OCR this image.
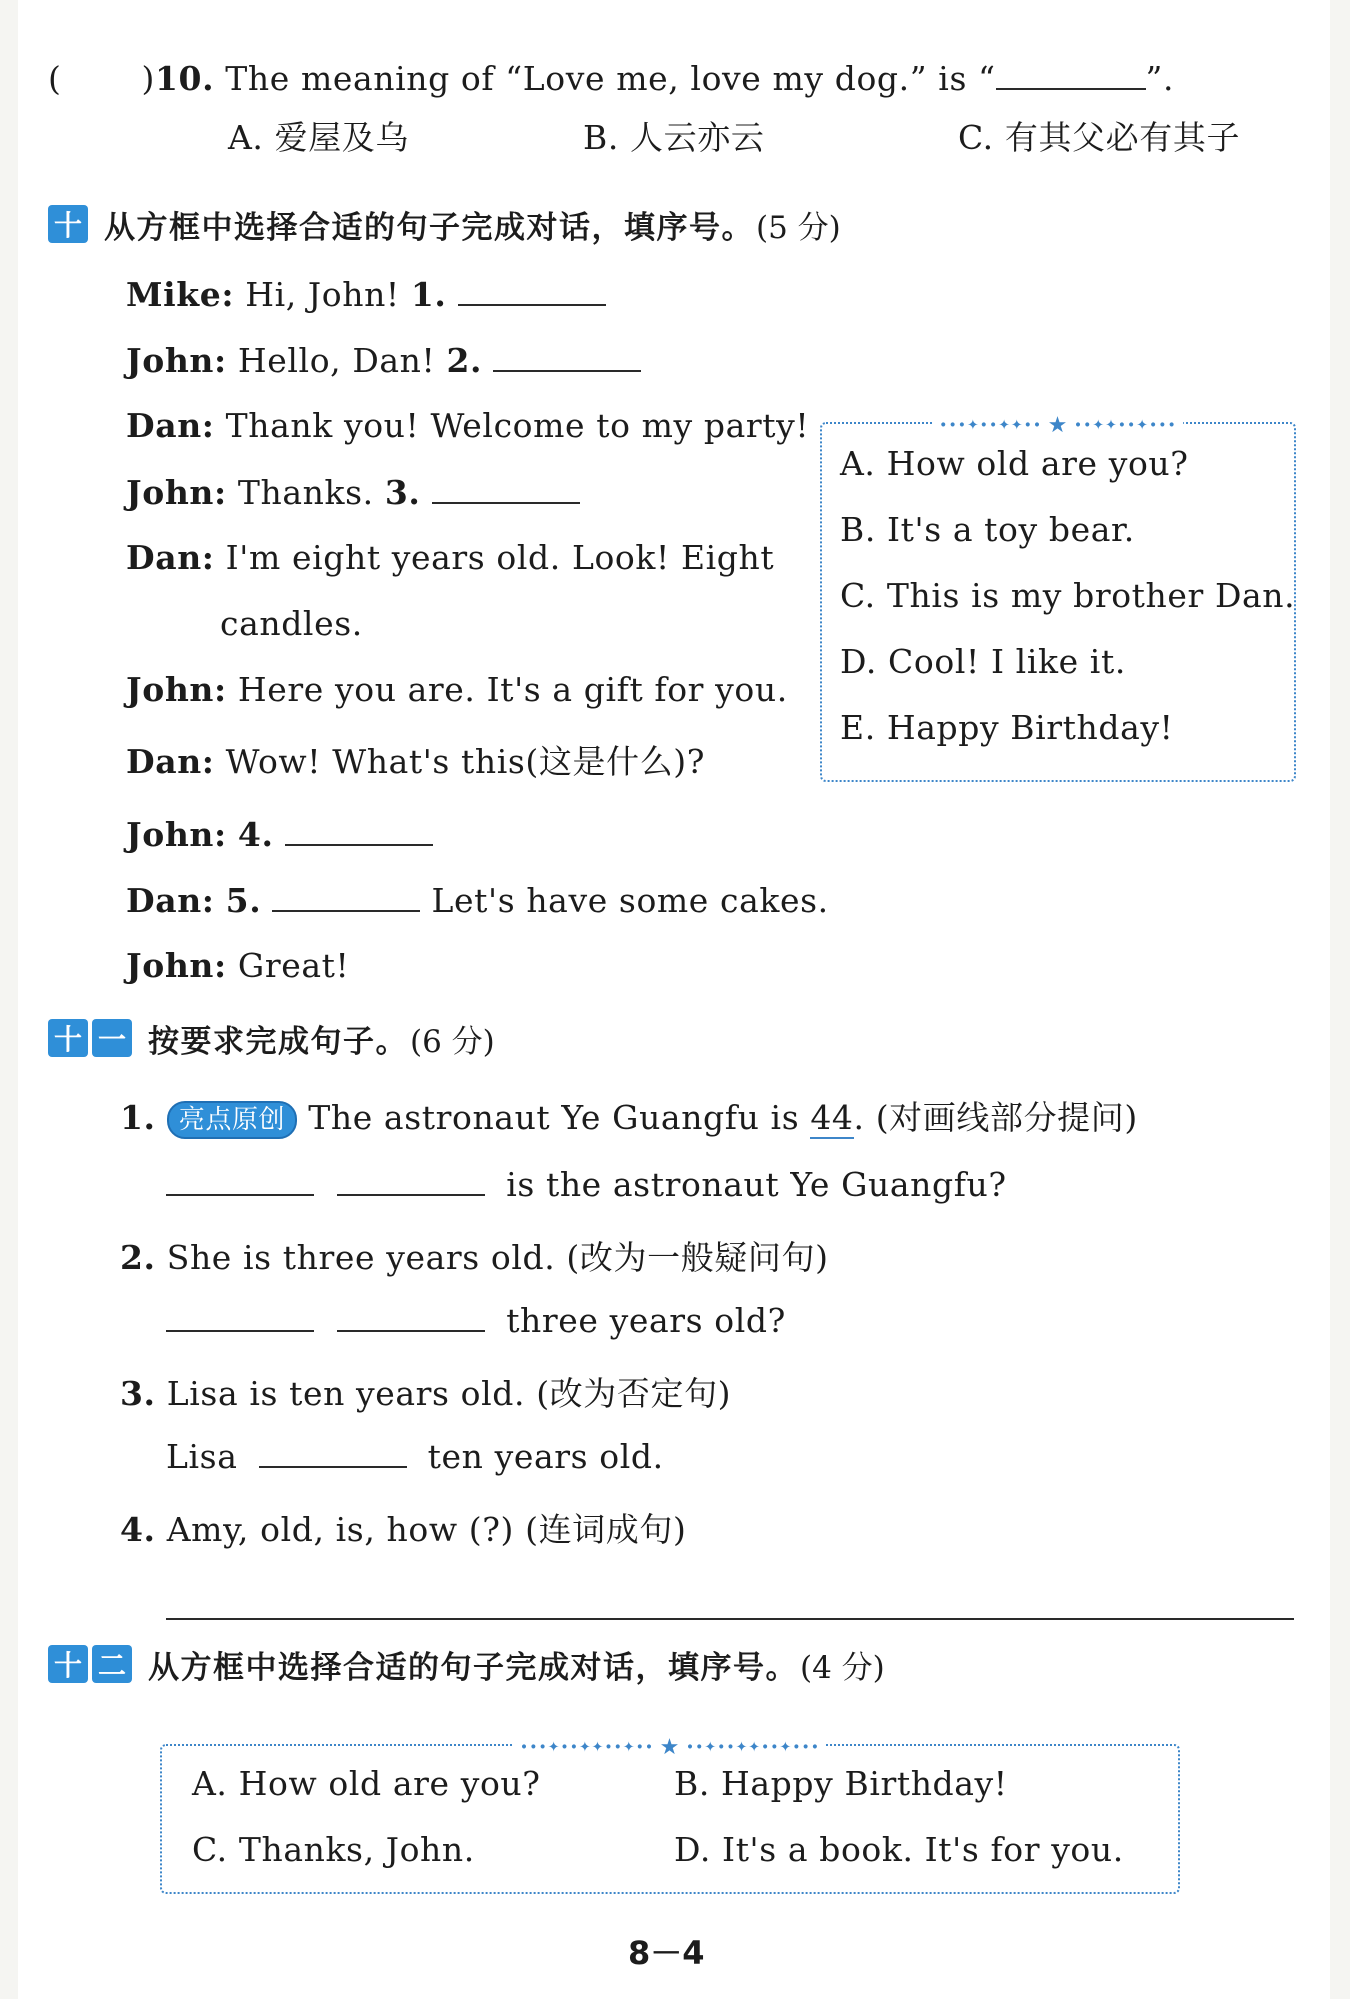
( )10. The meaning of “Love me, love my dog.” is “	”.
A. 爱屋及乌	B. 人云亦云	C. 有其父必有其子
十 从方框中选择合适的句子完成对话，填序号。 (5 分)
Mike: Hi, John! 1.
John: Hello, Dan! 2.
Dan: Thank you! Welcome to my party!
John: Thanks. 3.
Dan: I'm eight years old. Look! Eight
candles.
John: Here you are. It's a gift for you.
Dan: Wow! What's this(这是什么)?
John: 4.
Dan: 5.	Let's have some cakes.
John: Great!
•••✦••✦✦•• ★ ••✦✦••✦•••
A. How old are you?
B. It's a toy bear.
C. This is my brother Dan.
D. Cool! I like it.
E. Happy Birthday!
十 一 按要求完成句子。 (6 分)
1. 亮点原创 The astronaut Ye Guangfu is 44. (对画线部分提问)
is the astronaut Ye Guangfu?
2. She is three years old. (改为一般疑问句)
three years old?
3. Lisa is ten years old. (改为否定句)
Lisa	ten years old.
4. Amy, old, is, how (?) (连词成句)
十 二 从方框中选择合适的句子完成对话，填序号。 (4 分)
•••✦••✦✦••✦•• ★ ••✦••✦✦••✦•••
A. How old are you?	B. Happy Birthday!
C. Thanks, John.	D. It's a book. It's for you.
8－4
